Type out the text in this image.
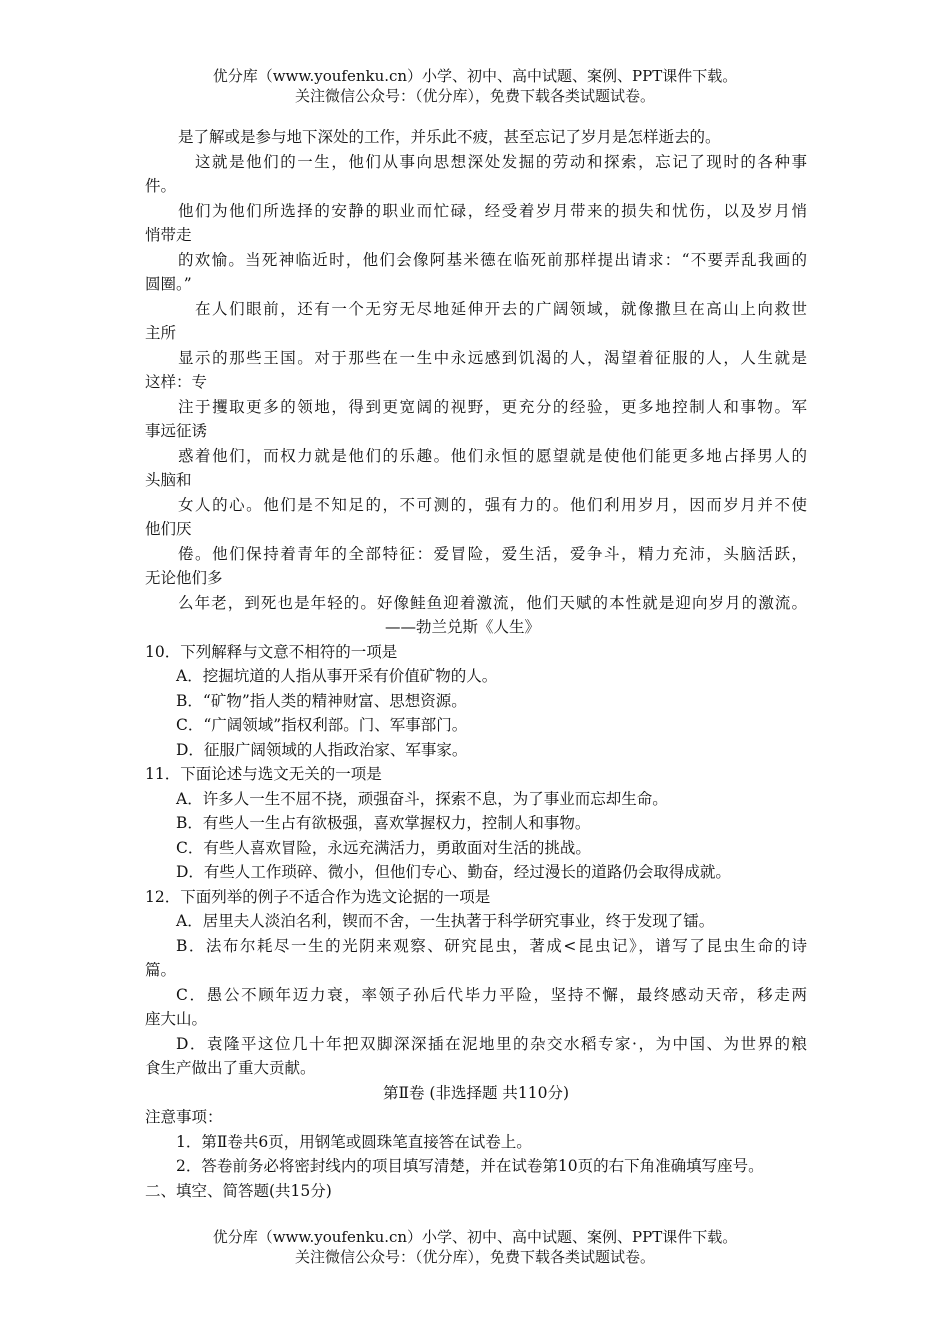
优分库（www.youfenku.cn）小学、初中、高中试题、案例、PPT课件下载。
关注微信公众号：（优分库），免费下载各类试题试卷。
是了解或是参与地下深处的工作，并乐此不疲，甚至忘记了岁月是怎样逝去的。
这就是他们的一生，他们从事向思想深处发掘的劳动和探索，忘记了现时的各种事
件。
他们为他们所选择的安静的职业而忙碌，经受着岁月带来的损失和忧伤，以及岁月悄
悄带走
的欢愉。当死神临近时，他们会像阿基米德在临死前那样提出请求：“不要弄乱我画的
圆圈。”
在人们眼前，还有一个无穷无尽地延伸开去的广阔领域，就像撒旦在高山上向救世
主所
显示的那些王国。对于那些在一生中永远感到饥渴的人，渴望着征服的人，人生就是
这样：专
注于攫取更多的领地，得到更宽阔的视野，更充分的经验，更多地控制人和事物。军
事远征诱
惑着他们，而权力就是他们的乐趣。他们永恒的愿望就是使他们能更多地占择男人的
头脑和
女人的心。他们是不知足的，不可测的，强有力的。他们利用岁月，因而岁月并不使
他们厌
倦。他们保持着青年的全部特征：爱冒险，爱生活，爱争斗，精力充沛，头脑活跃，
无论他们多
么年老，到死也是年轻的。好像鲑鱼迎着激流，他们天赋的本性就是迎向岁月的激流。
——勃兰兑斯《人生》
10．下列解释与文意不相符的一项是
A．挖掘坑道的人指从事开采有价值矿物的人。
B．“矿物”指人类的精神财富、思想资源。
C．“广阔领域”指权利部。门、军事部门。
D．征服广阔领域的人指政治家、军事家。
11．下面论述与选文无关的一项是
A．许多人一生不屈不挠，顽强奋斗，探索不息，为了事业而忘却生命。
B．有些人一生占有欲极强，喜欢掌握权力，控制人和事物。
C．有些人喜欢冒险，永远充满活力，勇敢面对生活的挑战。
D．有些人工作琐碎、微小，但他们专心、勤奋，经过漫长的道路仍会取得成就。
12．下面列举的例子不适合作为选文论据的一项是
A．居里夫人淡泊名利，锲而不舍，一生执著于科学研究事业，终于发现了镭。
B．法布尔耗尽一生的光阴来观察、研究昆虫，著成<昆虫记》，谱写了昆虫生命的诗
篇。
C．愚公不顾年迈力衰，率领子孙后代毕力平险，坚持不懈，最终感动天帝，移走两
座大山。
D．袁隆平这位几十年把双脚深深插在泥地里的杂交水稻专家·，为中国、为世界的粮
食生产做出了重大贡献。
第Ⅱ卷 (非选择题 共110分)
注意事项：
1．第Ⅱ卷共6页，用钢笔或圆珠笔直接答在试卷上。
2．答卷前务必将密封线内的项目填写清楚，并在试卷第10页的右下角准确填写座号。
二、填空、简答题(共15分)
优分库（www.youfenku.cn）小学、初中、高中试题、案例、PPT课件下载。
关注微信公众号：（优分库），免费下载各类试题试卷。
